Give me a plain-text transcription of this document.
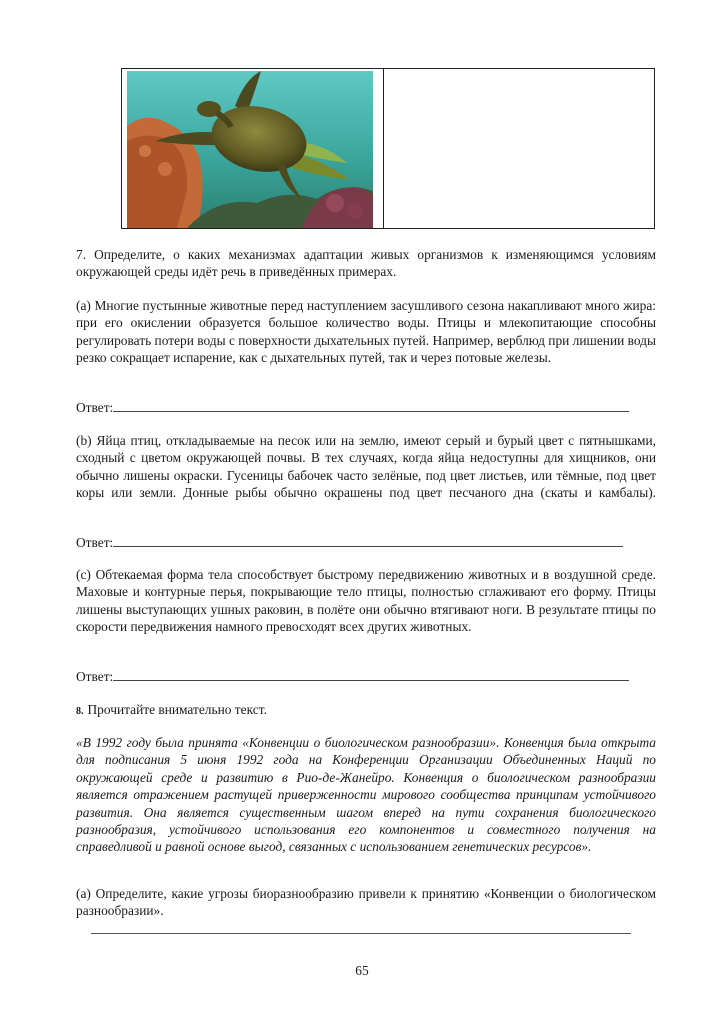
7. Определите, о каких механизмах адаптации живых организмов к изменяющимся условиям окружающей среды идёт речь в приведённых примерах.

(a) Многие пустынные животные перед наступлением засушливого сезона накапливают много жира: при его окислении образуется большое количество воды. Птицы и млекопитающие способны регулировать потери воды с поверхности дыхательных путей. Например, верблюд при лишении воды резко сокращает испарение, как с дыхательных путей, так и через потовые железы.

Ответ:

(b) Яйца птиц, откладываемые на песок или на землю, имеют серый и бурый цвет с пятнышками, сходный с цветом окружающей почвы. В тех случаях, когда яйца недоступны для хищников, они обычно лишены окраски. Гусеницы бабочек часто зелёные, под цвет листьев, или тёмные, под цвет коры или земли. Донные рыбы обычно окрашены под цвет песчаного дна (скаты и камбалы).

Ответ:

(c) Обтекаемая форма тела способствует быстрому передвижению животных и в воздушной среде. Маховые и контурные перья, покрывающие тело птицы, полностью сглаживают его форму. Птицы лишены выступающих ушных раковин, в полёте они обычно втягивают ноги. В результате птицы по скорости передвижения намного превосходят всех других животных.

Ответ:
8. Прочитайте внимательно текст.

«В 1992 году была принята «Конвенции о биологическом разнообразии». Конвенция была открыта для подписания 5 июня 1992 года на Конференции Организации Объединенных Наций по окружающей среде и развитию в Рио-де-Жанейро. Конвенция о биологическом разнообразии является отражением растущей приверженности мирового сообщества принципам устойчивого развития. Она является существенным шагом вперед на пути сохранения биологического разнообразия, устойчивого использования его компонентов и совместного получения на справедливой и равной основе выгод, связанных с использованием генетических ресурсов».

(а) Определите, какие угрозы биоразнообразию привели к принятию «Конвенции о биологическом разнообразии».

65
